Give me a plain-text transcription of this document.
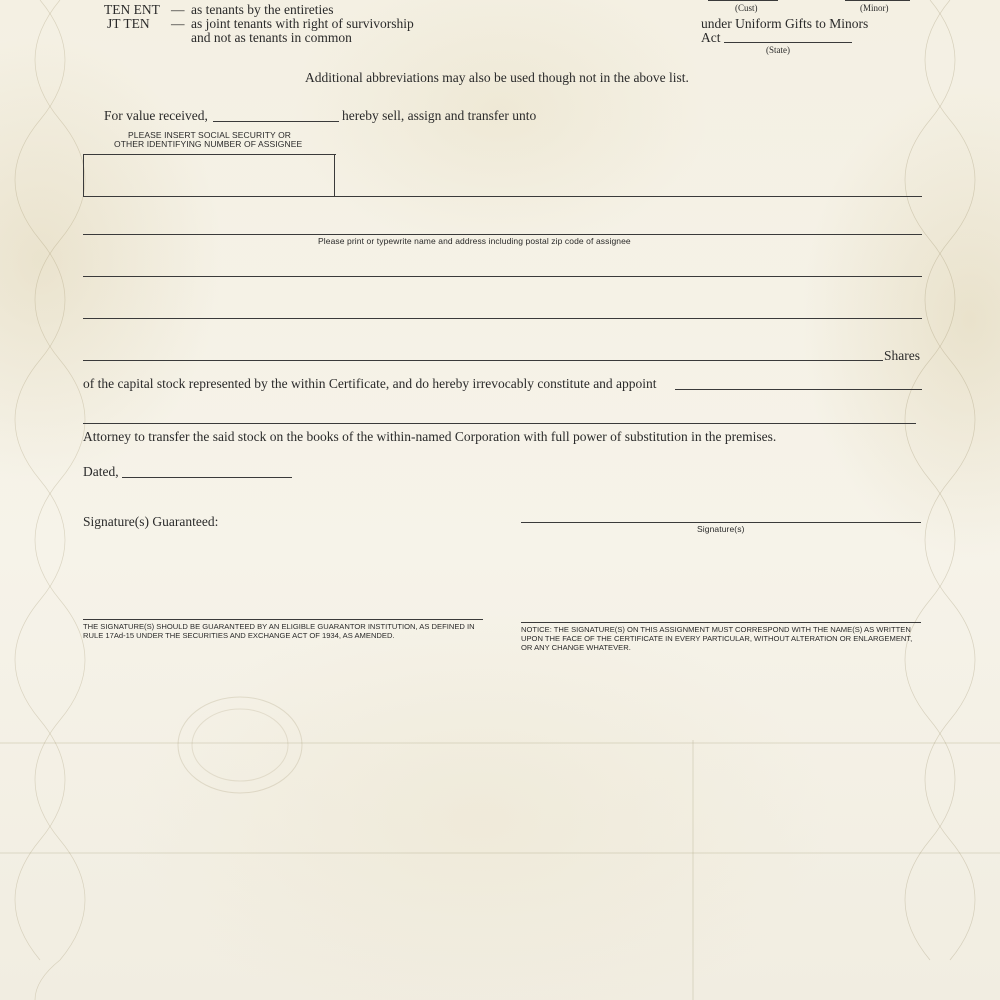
TEN ENT — as tenants by the entireties
JT TEN — as joint tenants with right of survivorship
and not as tenants in common
(Cust)	(Minor)
under Uniform Gifts to Minors
Act
(State)
Additional abbreviations may also be used though not in the above list.
For value received,	hereby sell, assign and transfer unto
PLEASE INSERT SOCIAL SECURITY OR
OTHER IDENTIFYING NUMBER OF ASSIGNEE
Please print or typewrite name and address including postal zip code of assignee
Shares
of the capital stock represented by the within Certificate, and do hereby irrevocably constitute and appoint
Attorney to transfer the said stock on the books of the within-named Corporation with full power of substitution in the premises.
Dated,
Signature(s) Guaranteed:	Signature(s)
THE SIGNATURE(S) SHOULD BE GUARANTEED BY AN ELIGIBLE GUARANTOR INSTITUTION, AS DEFINED IN RULE 17Ad-15 UNDER THE SECURITIES AND EXCHANGE ACT OF 1934, AS AMENDED.
NOTICE: THE SIGNATURE(S) ON THIS ASSIGNMENT MUST CORRESPOND WITH THE NAME(S) AS WRITTEN UPON THE FACE OF THE CERTIFICATE IN EVERY PARTICULAR, WITHOUT ALTERATION OR ENLARGEMENT, OR ANY CHANGE WHATEVER.
